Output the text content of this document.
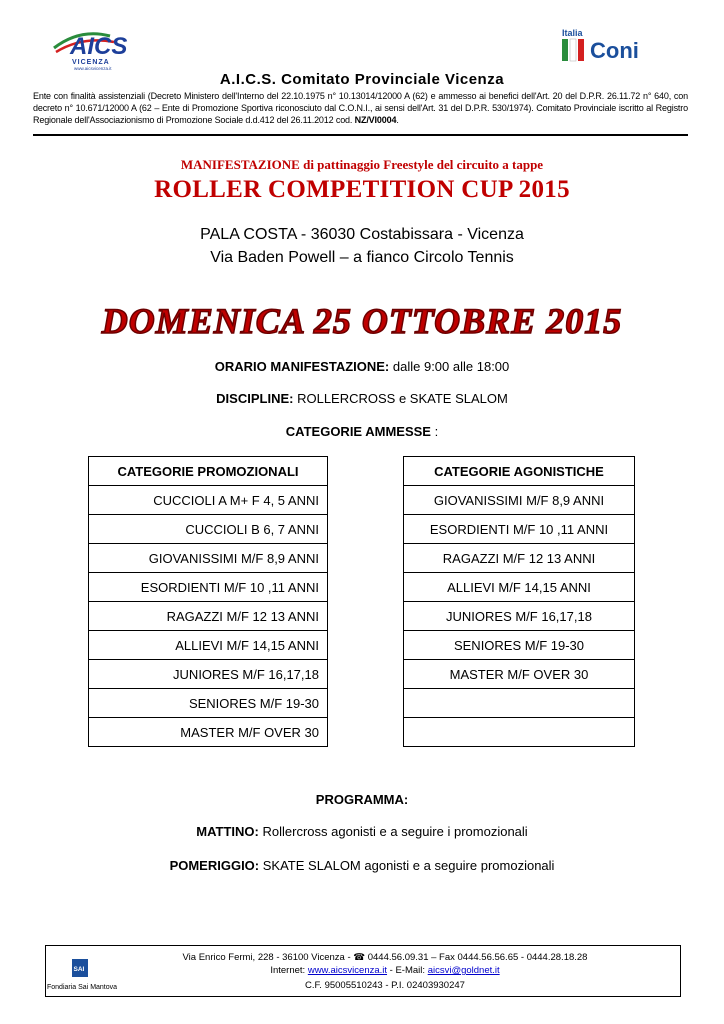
AICS
VICENZA
www.aicsvicenza.it
Italia
Coni
A.I.C.S. Comitato Provinciale Vicenza
Ente con finalità assistenziali (Decreto Ministero dell'Interno del 22.10.1975 n° 10.13014/12000 A (62) e ammesso ai benefici dell'Art. 20 del D.P.R. 26.11.72 n° 640, con decreto n° 10.671/12000 A (62 – Ente di Promozione Sportiva riconosciuto dal C.O.N.I., ai sensi dell'Art. 31 del D.P.R. 530/1974). Comitato Provinciale iscritto al Registro Regionale dell'Associazionismo di Promozione Sociale d.d.412 del 26.11.2012 cod. NZ/VI0004.
MANIFESTAZIONE di pattinaggio Freestyle del circuito a tappe
ROLLER COMPETITION CUP 2015
PALA COSTA - 36030 Costabissara - Vicenza
Via Baden Powell – a fianco Circolo Tennis
DOMENICA 25 OTTOBRE 2015
ORARIO MANIFESTAZIONE: dalle 9:00 alle 18:00
DISCIPLINE: ROLLERCROSS e SKATE SLALOM
CATEGORIE AMMESSE :
CATEGORIE PROMOZIONALI
CUCCIOLI A M+ F 4, 5 ANNI
CUCCIOLI B 6, 7 ANNI
GIOVANISSIMI M/F 8,9 ANNI
ESORDIENTI M/F 10 ,11 ANNI
RAGAZZI M/F 12 13 ANNI
ALLIEVI M/F 14,15 ANNI
JUNIORES M/F 16,17,18
SENIORES M/F 19-30
MASTER M/F OVER 30
CATEGORIE AGONISTICHE
GIOVANISSIMI M/F 8,9 ANNI
ESORDIENTI M/F 10 ,11 ANNI
RAGAZZI M/F 12 13 ANNI
ALLIEVI M/F 14,15 ANNI
JUNIORES M/F 16,17,18
SENIORES M/F 19-30
MASTER M/F OVER 30

PROGRAMMA:
MATTINO: Rollercross agonisti e a seguire i promozionali
POMERIGGIO: SKATE SLALOM agonisti e a seguire promozionali
SAI
Fondiaria Sai Mantova
Via Enrico Fermi, 228 - 36100 Vicenza - ☎ 0444.56.09.31 – Fax 0444.56.56.65 - 0444.28.18.28
Internet: www.aicsvicenza.it - E-Mail: aicsvi@goldnet.it
C.F. 95005510243 - P.I. 02403930247
